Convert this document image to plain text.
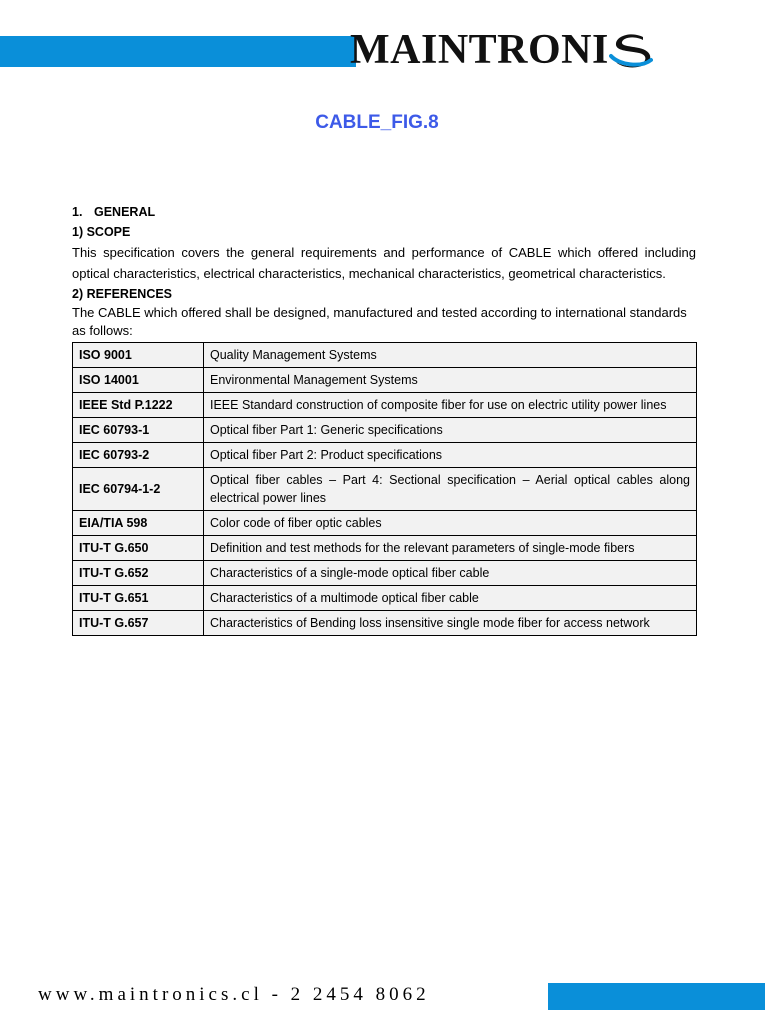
MAINTRONI
CABLE_FIG.8
1. GENERAL
1) SCOPE
This specification covers the general requirements and performance of CABLE which offered including optical characteristics, electrical characteristics, mechanical characteristics, geometrical characteristics.
2) REFERENCES
The CABLE which offered shall be designed, manufactured and tested according to international standards as follows:
ISO 9001	Quality Management Systems
ISO 14001	Environmental Management Systems
IEEE Std P.1222	IEEE Standard construction of composite fiber for use on electric utility power lines
IEC 60793-1	Optical fiber Part 1: Generic specifications
IEC 60793-2	Optical fiber Part 2: Product specifications
IEC 60794-1-2	Optical fiber cables – Part 4: Sectional specification – Aerial optical cables along electrical power lines
EIA/TIA 598	Color code of fiber optic cables
ITU-T G.650	Definition and test methods for the relevant parameters of single-mode fibers
ITU-T G.652	Characteristics of a single-mode optical fiber cable
ITU-T G.651	Characteristics of a multimode optical fiber cable
ITU-T G.657	Characteristics of Bending loss insensitive single mode fiber for access network
www.maintronics.cl - 2 2454 8062
